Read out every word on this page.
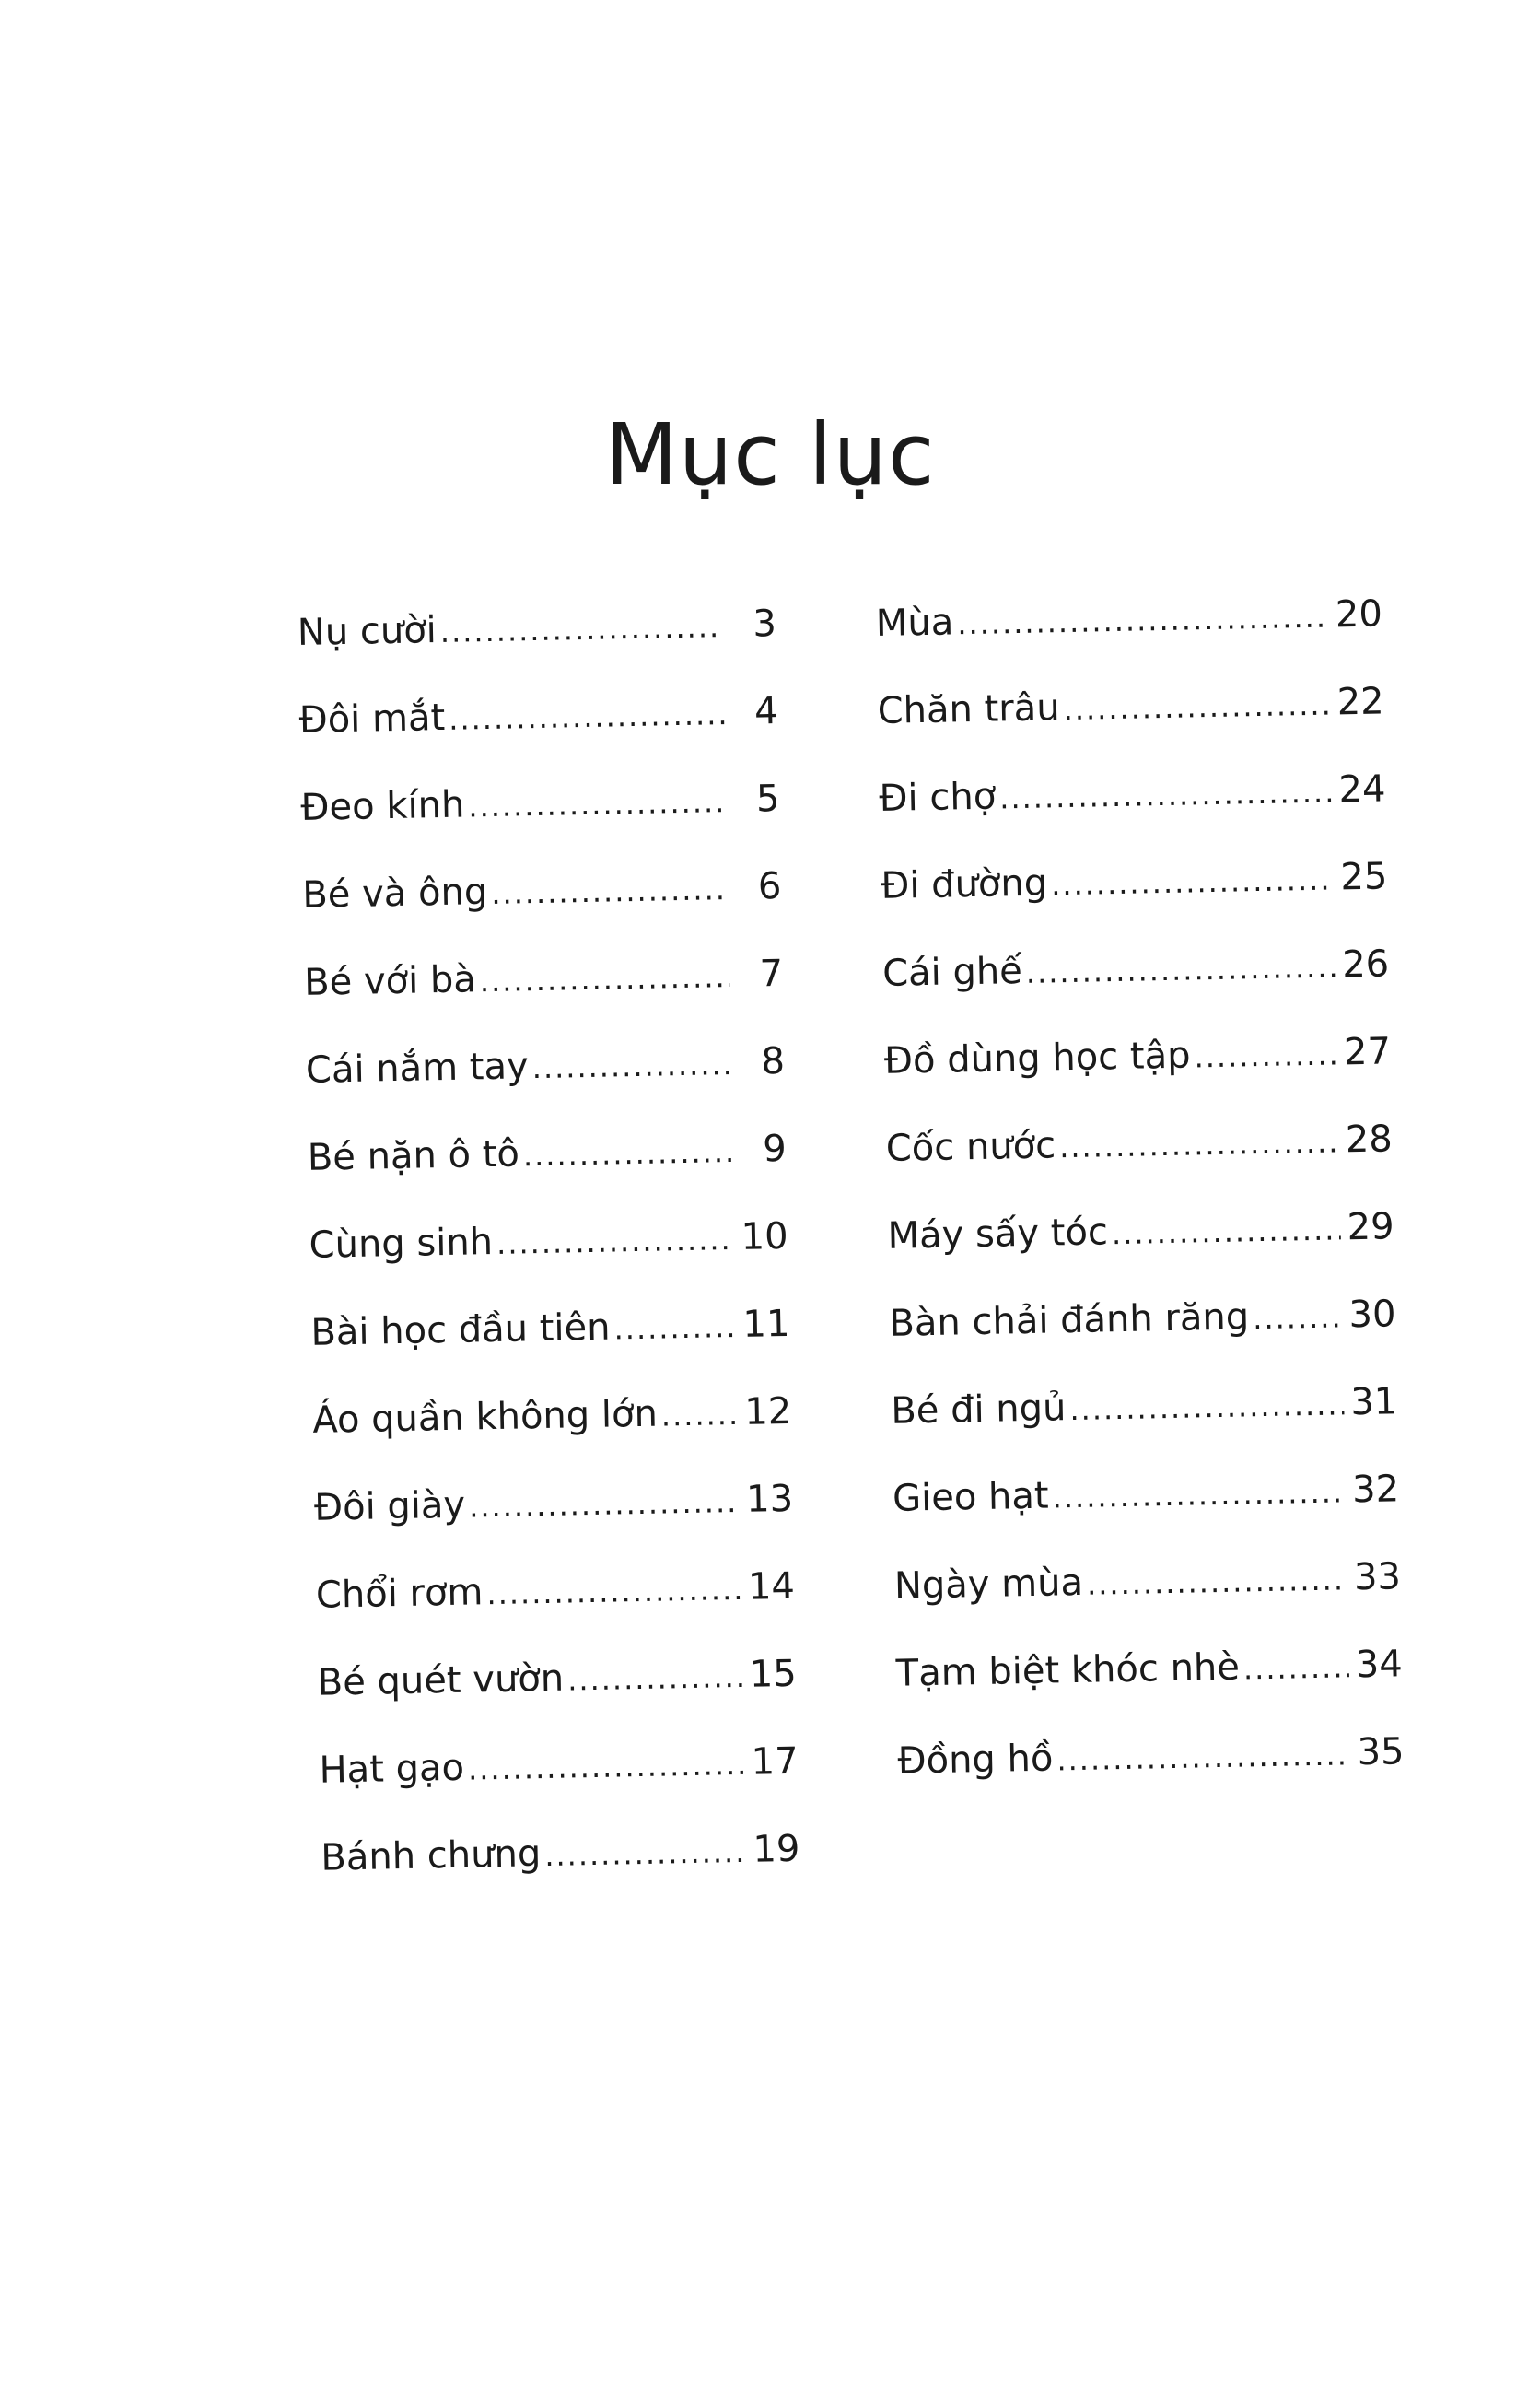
Mục lục
Nụ cười .....	3
Đôi mắt .....	4
Đeo kính .....	5
Bé và ông .....	6
Bé với bà .....	7
Cái nắm tay .....	8
Bé nặn ô tô .....	9
Cùng sinh .....	10
Bài học đầu tiên .....	11
Áo quần không lớn ..... 12
Đôi giày .....	13
Chổi rơm .....	14
Bé quét vườn .....	15
Hạt gạo .....	17
Bánh chưng .....	19
Mùa .....	20
Chăn trâu .....	22
Đi chợ .....	24
Đi đường .....	25
Cái ghế .....	26
Đồ dùng học tập .....	27
Cốc nước .....	28
Máy sấy tóc .....	29
Bàn chải đánh răng .....	30
Bé đi ngủ .....	31
Gieo hạt .....	32
Ngày mùa .....	33
Tạm biệt khóc nhè .....	34
Đồng hồ .....	35
